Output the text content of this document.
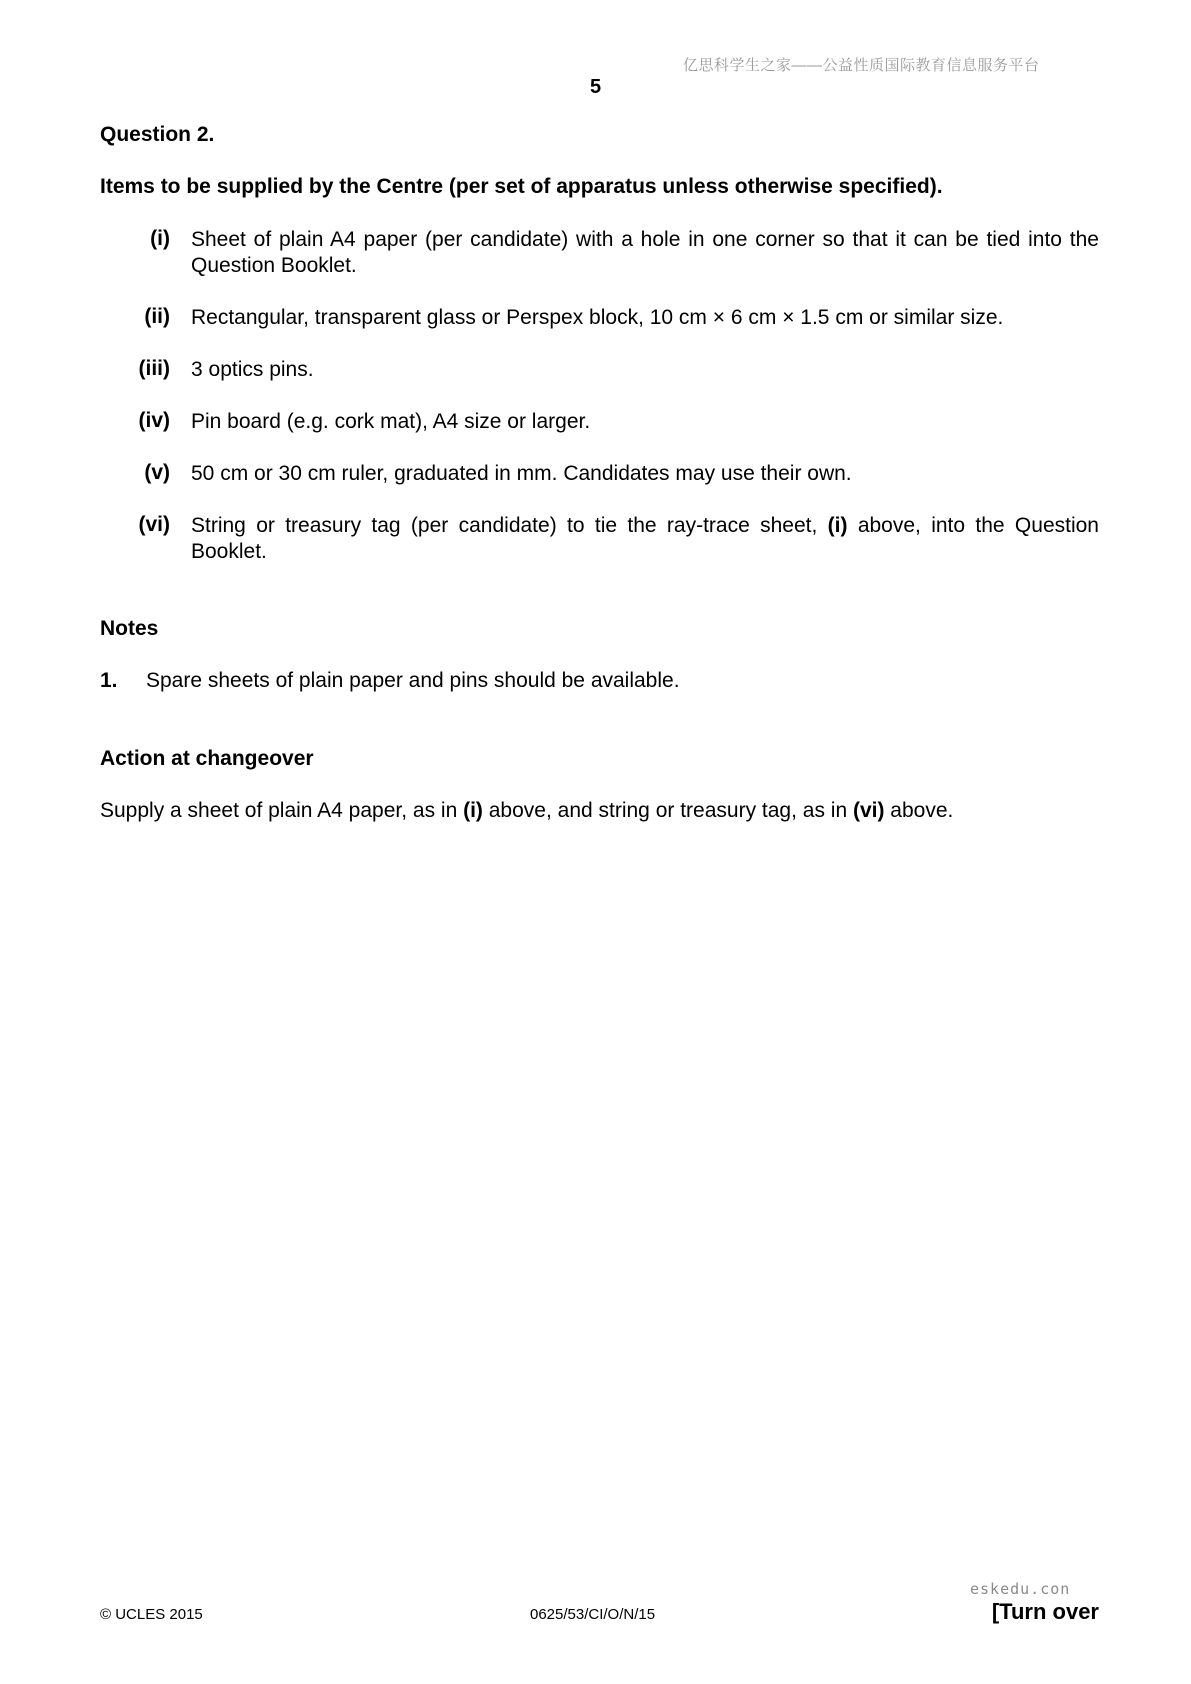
亿思科学生之家——公益性质国际教育信息服务平台
5
Question 2.
Items to be supplied by the Centre (per set of apparatus unless otherwise specified).
(i) Sheet of plain A4 paper (per candidate) with a hole in one corner so that it can be tied into the Question Booklet.
(ii) Rectangular, transparent glass or Perspex block, 10 cm × 6 cm × 1.5 cm or similar size.
(iii) 3 optics pins.
(iv) Pin board (e.g. cork mat), A4 size or larger.
(v) 50 cm or 30 cm ruler, graduated in mm. Candidates may use their own.
(vi) String or treasury tag (per candidate) to tie the ray-trace sheet, (i) above, into the Question Booklet.
Notes
1. Spare sheets of plain paper and pins should be available.
Action at changeover
Supply a sheet of plain A4 paper, as in (i) above, and string or treasury tag, as in (vi) above.
eskedu.con
© UCLES 2015	0625/53/CI/O/N/15	[Turn over
